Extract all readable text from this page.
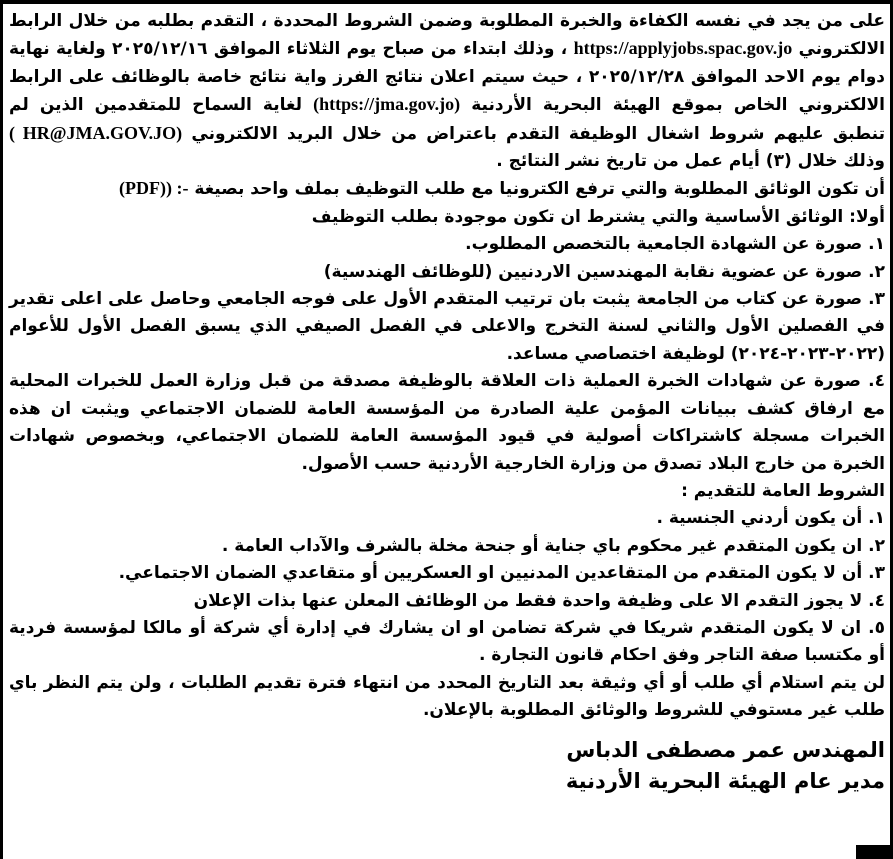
على من يجد في نفسه الكفاءة والخبرة المطلوبة وضمن الشروط المحددة ، التقدم بطلبه من خلال الرابط الالكتروني https://applyjobs.spac.gov.jo ، وذلك ابتداء من صباح يوم الثلاثاء الموافق ⁦٢٠٢٥/١٢/١٦⁩ ولغاية نهاية دوام يوم الاحد الموافق ⁦٢٠٢٥/١٢/٢٨⁩ ، حيث سيتم اعلان نتائج الفرز واية نتائج خاصة بالوظائف على الرابط الالكتروني الخاص بموقع الهيئة البحرية الأردنية (https://jma.gov.jo) لغاية السماح للمتقدمين الذين لم تنطبق عليهم شروط اشغال الوظيفة التقدم باعتراض من خلال البريد الالكتروني ( HR@JMA.GOV.JO) وذلك خلال (٣) أيام عمل من تاريخ نشر النتائج .

أن تكون الوثائق المطلوبة والتي ترفع الكترونيا مع طلب التوظيف بملف واحد بصيغة (PDF)) :-

أولا: الوثائق الأساسية والتي يشترط ان تكون موجودة بطلب التوظيف

١. صورة عن الشهادة الجامعية بالتخصص المطلوب.

٢. صورة عن عضوية نقابة المهندسين الاردنيين (للوظائف الهندسية)

٣. صورة عن كتاب من الجامعة يثبت بان ترتيب المتقدم الأول على فوجه الجامعي وحاصل على اعلى تقدير في الفصلين الأول والثاني لسنة التخرج والاعلى في الفصل الصيفي الذي يسبق الفصل الأول للأعوام (٢٠٢٢-٢٠٢٣-٢٠٢٤) لوظيفة اختصاصي مساعد.

٤. صورة عن شهادات الخبرة العملية ذات العلاقة بالوظيفة مصدقة من قبل وزارة العمل للخبرات المحلية مع ارفاق كشف ببيانات المؤمن علية الصادرة من المؤسسة العامة للضمان الاجتماعي ويثبت ان هذه الخبرات مسجلة كاشتراكات أصولية في قيود المؤسسة العامة للضمان الاجتماعي، وبخصوص شهادات الخبرة من خارج البلاد تصدق من وزارة الخارجية الأردنية حسب الأصول.

الشروط العامة للتقديم :

١. أن يكون أردني الجنسية .

٢. ان يكون المتقدم غير محكوم باي جناية أو جنحة مخلة بالشرف والآداب العامة .

٣. أن لا يكون المتقدم من المتقاعدين المدنيين او العسكريين أو متقاعدي الضمان الاجتماعي.

٤. لا يجوز التقدم الا على وظيفة واحدة فقط من الوظائف المعلن عنها بذات الإعلان

٥. ان لا يكون المتقدم شريكا في شركة تضامن او ان يشارك في إدارة أي شركة أو مالكا لمؤسسة فردية أو مكتسبا صفة التاجر وفق احكام قانون التجارة .

لن يتم استلام أي طلب أو أي وثيقة بعد التاريخ المحدد من انتهاء فترة تقديم الطلبات ، ولن يتم النظر باي طلب غير مستوفي للشروط والوثائق المطلوبة بالإعلان.

المهندس عمر مصطفى الدباس

مدير عام الهيئة البحرية الأردنية
